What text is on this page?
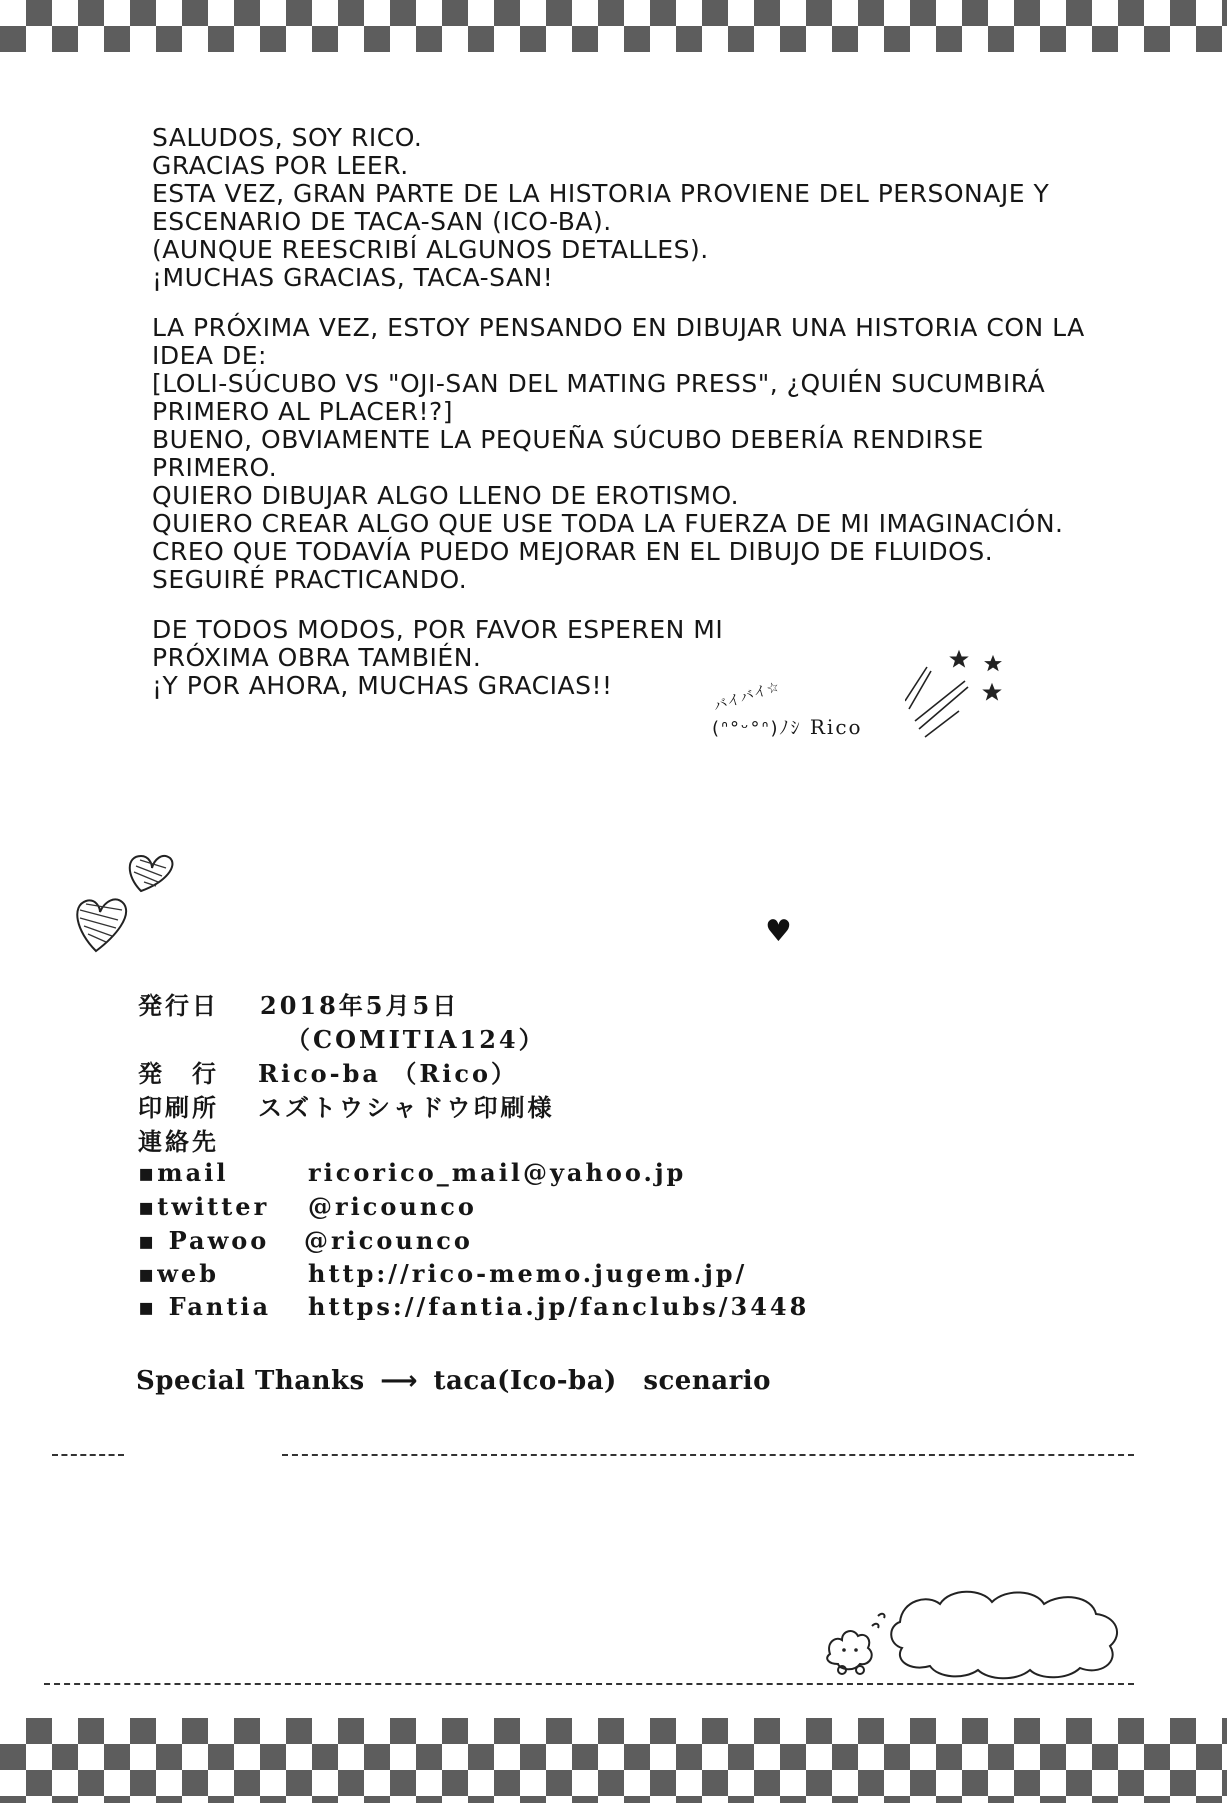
SALUDOS, SOY RICO.

GRACIAS POR LEER.

ESTA VEZ, GRAN PARTE DE LA HISTORIA PROVIENE DEL PERSONAJE Y

ESCENARIO DE TACA-SAN (ICO-BA).

(AUNQUE REESCRIBÍ ALGUNOS DETALLES).

¡MUCHAS GRACIAS, TACA-SAN!

LA PRÓXIMA VEZ, ESTOY PENSANDO EN DIBUJAR UNA HISTORIA CON LA

IDEA DE:

[LOLI-SÚCUBO VS "OJI-SAN DEL MATING PRESS", ¿QUIÉN SUCUMBIRÁ

PRIMERO AL PLACER!?]

BUENO, OBVIAMENTE LA PEQUEÑA SÚCUBO DEBERÍA RENDIRSE PRIMERO.

QUIERO DIBUJAR ALGO LLENO DE EROTISMO.

QUIERO CREAR ALGO QUE USE TODA LA FUERZA DE MI IMAGINACIÓN.

CREO QUE TODAVÍA PUEDO MEJORAR EN EL DIBUJO DE FLUIDOS.

SEGUIRÉ PRACTICANDO.

DE TODOS MODOS, POR FAVOR ESPEREN MI

PRÓXIMA OBRA TAMBIÉN.

¡Y POR AHORA, MUCHAS GRACIAS!!	バイバイ☆
(ᐢ°ᵕ°ᐢ)ﾉｼ Rico
♥
発行日 2018年5月5日
（COMITIA124）
発　行 Rico-ba （Rico）
印刷所 スズトウシャドウ印刷様
連絡先
▪mail	ricorico_mail@yahoo.jp
▪twitter @ricounco
▪ Pawoo @ricounco
▪web	http://rico-memo.jugem.jp/
▪ Fantia https://fantia.jp/fanclubs/3448
Special Thanks ⟶ taca(Ico-ba)　scenario
